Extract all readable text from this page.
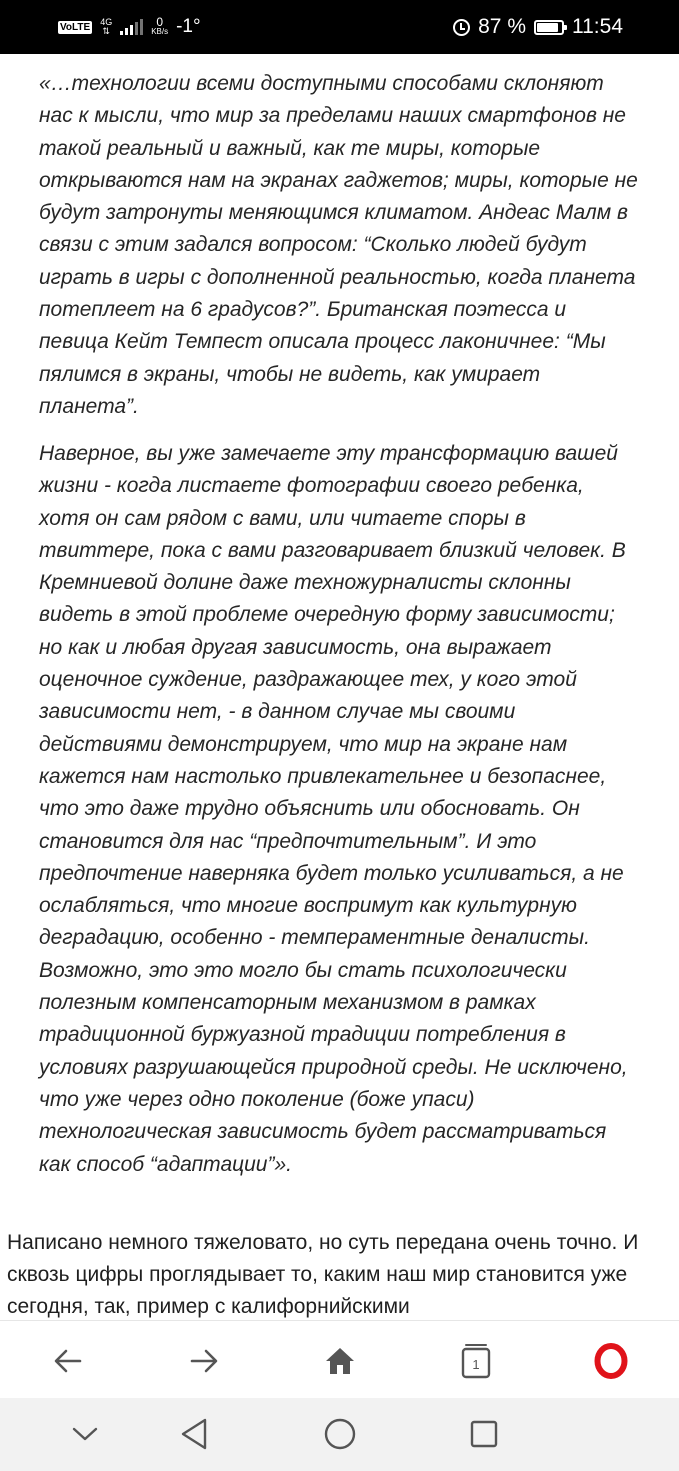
VoLTE 4G
⇅
0
KB/s -1°	87 % 11:54

«…технологии всеми доступными способами склоняют нас к мысли, что мир за пределами наших смартфонов не такой реальный и важный, как те миры, которые открываются нам на экранах гаджетов; миры, которые не будут затронуты меняющимся климатом. Андеас Малм в связи с этим задался вопросом: “Сколько людей будут играть в игры с дополненной реальностью, когда планета потеплеет на 6 градусов?”. Британская поэтесса и певица Кейт Темпест описала процесс лаконичнее: “Мы пялимся в экраны, чтобы не видеть, как умирает планета”.

Наверное, вы уже замечаете эту трансформацию вашей жизни - когда листаете фотографии своего ребенка, хотя он сам рядом с вами, или читаете споры в твиттере, пока с вами разговаривает близкий человек. В Кремниевой долине даже техножурналисты склонны видеть в этой проблеме очередную форму зависимости; но как и любая другая зависимость, она выражает оценочное суждение, раздражающее тех, у кого этой зависимости нет, - в данном случае мы своими действиями демонстрируем, что мир на экране нам кажется нам настолько привлекательнее и безопаснее, что это даже трудно объяснить или обосновать. Он становится для нас “предпочтительным”. И это предпочтение наверняка будет только усиливаться, а не ослабляться, что многие воспримут как культурную деградацию, особенно - темпераментные деналисты. Возможно, это это могло бы стать психологически полезным компенсаторным механизмом в рамках традиционной буржуазной традиции потребления в условиях разрушающейся природной среды. Не исключено, что уже через одно поколение (боже упаси) технологическая зависимость будет рассматриваться как способ “адаптации”».

Написано немного тяжеловато, но суть передана очень точно. И сквозь цифры проглядывает то, каким наш мир становится уже сегодня, так, пример с калифорнийскими

1
